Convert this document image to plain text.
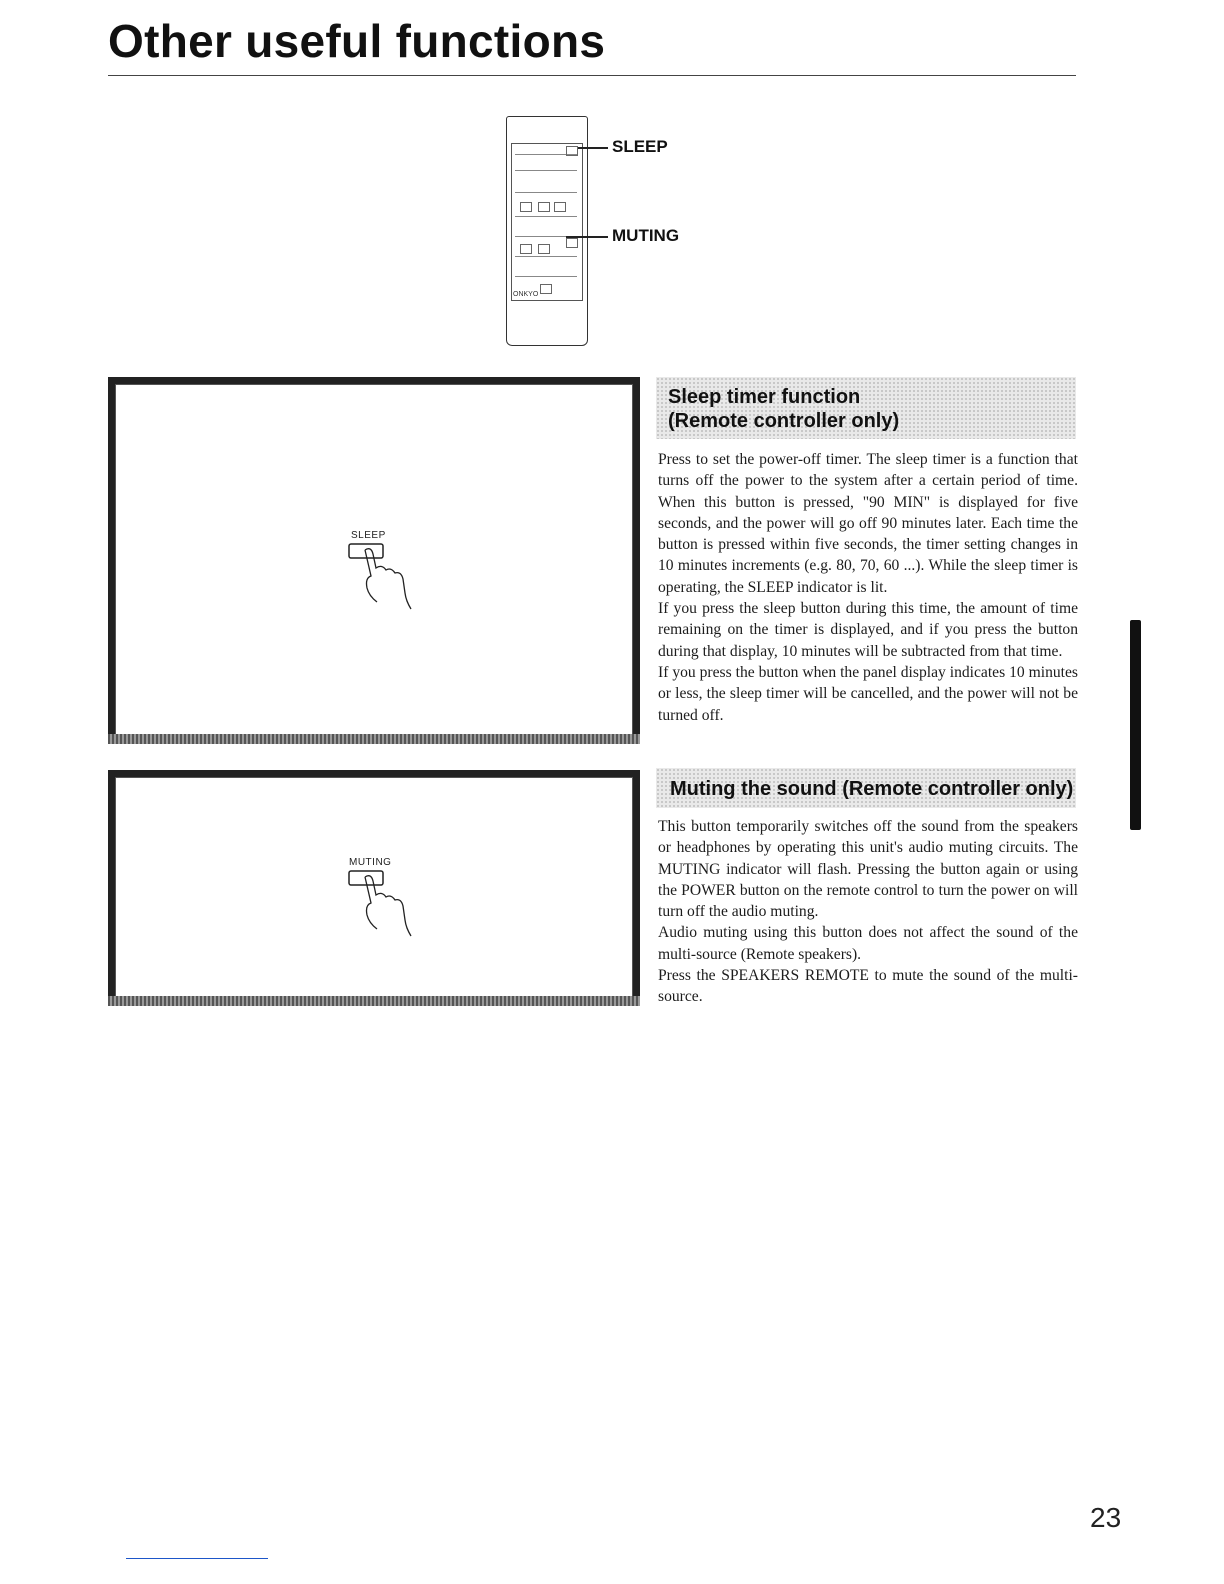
Other useful functions
ONKYO
SLEEP
MUTING
SLEEP
MUTING
Sleep timer function
(Remote controller only)

Press to set the power-off timer. The sleep timer is a function that turns off the power to the system after a certain period of time. When this button is pressed, "90 MIN" is displayed for five seconds, and the power will go off 90 minutes later. Each time the button is pressed within five seconds, the timer setting changes in 10 minutes increments (e.g. 80, 70, 60 ...). While the sleep timer is operating, the SLEEP indicator is lit.

If you press the sleep button during this time, the amount of time remaining on the timer is displayed, and if you press the button during that display, 10 minutes will be subtracted from that time.

If you press the button when the panel display indicates 10 minutes or less, the sleep timer will be cancelled, and the power will not be turned off.

Muting the sound (Remote controller only)

This button temporarily switches off the sound from the speakers or headphones by operating this unit's audio muting circuits. The MUTING indicator will flash. Pressing the button again or using the POWER button on the remote control to turn the power on will turn off the audio muting.

Audio muting using this button does not affect the sound of the multi-source (Remote speakers).

Press the SPEAKERS REMOTE to mute the sound of the multi-source.

23
